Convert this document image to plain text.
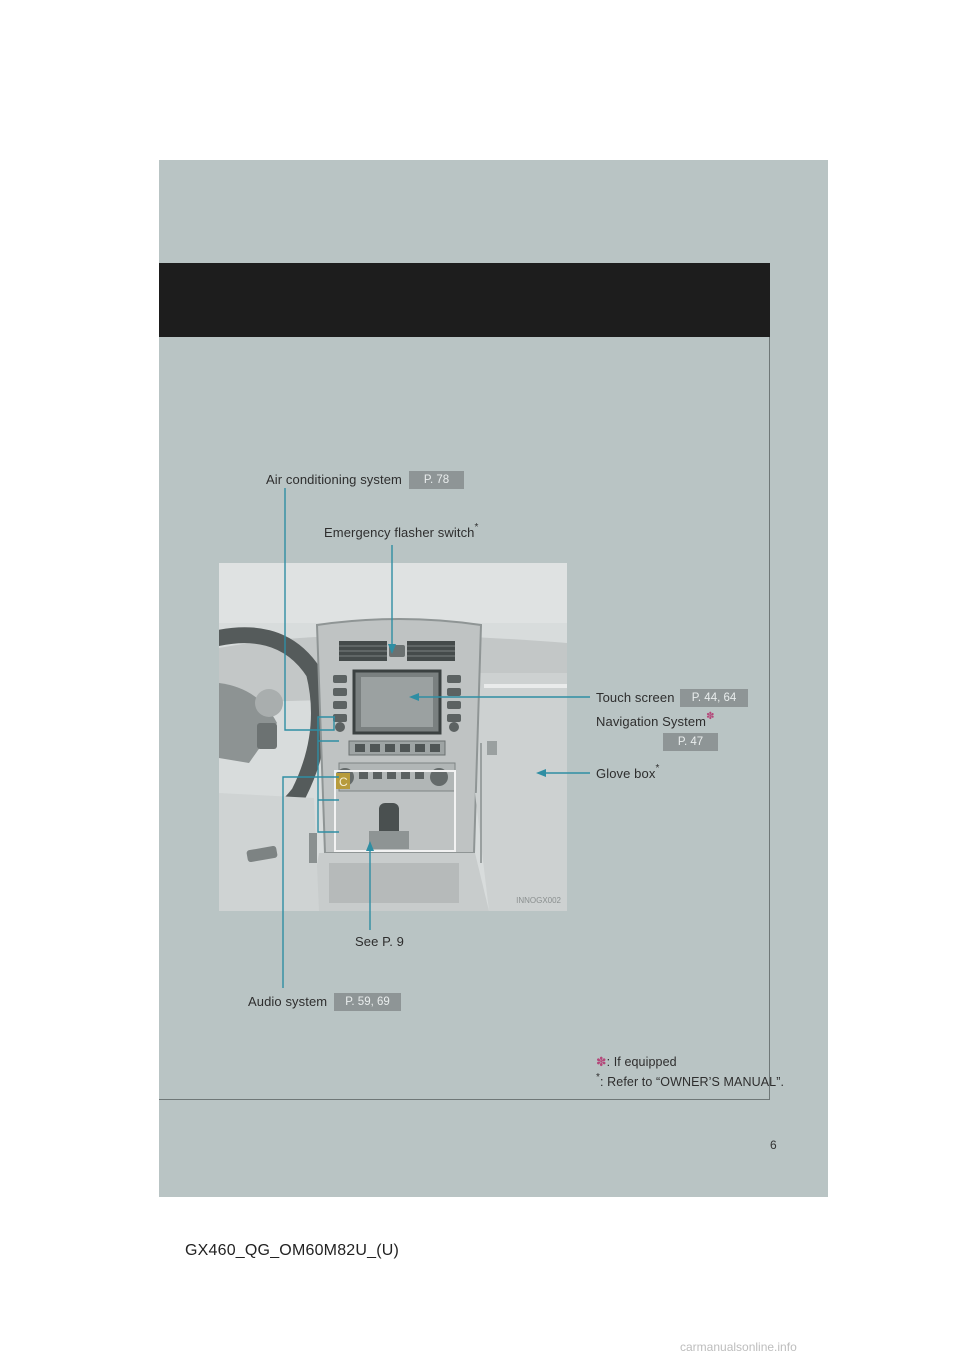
Air conditioning system	P. 78
Emergency flasher switch*
Touch screen	P. 44, 64
Navigation System✽
P. 47
Glove box*
See P. 9
Audio system	P. 59, 69
C
INNOGX002
✽: If equipped
*: Refer to “OWNER’S MANUAL”.
6
GX460_QG_OM60M82U_(U)
carmanualsonline.info
